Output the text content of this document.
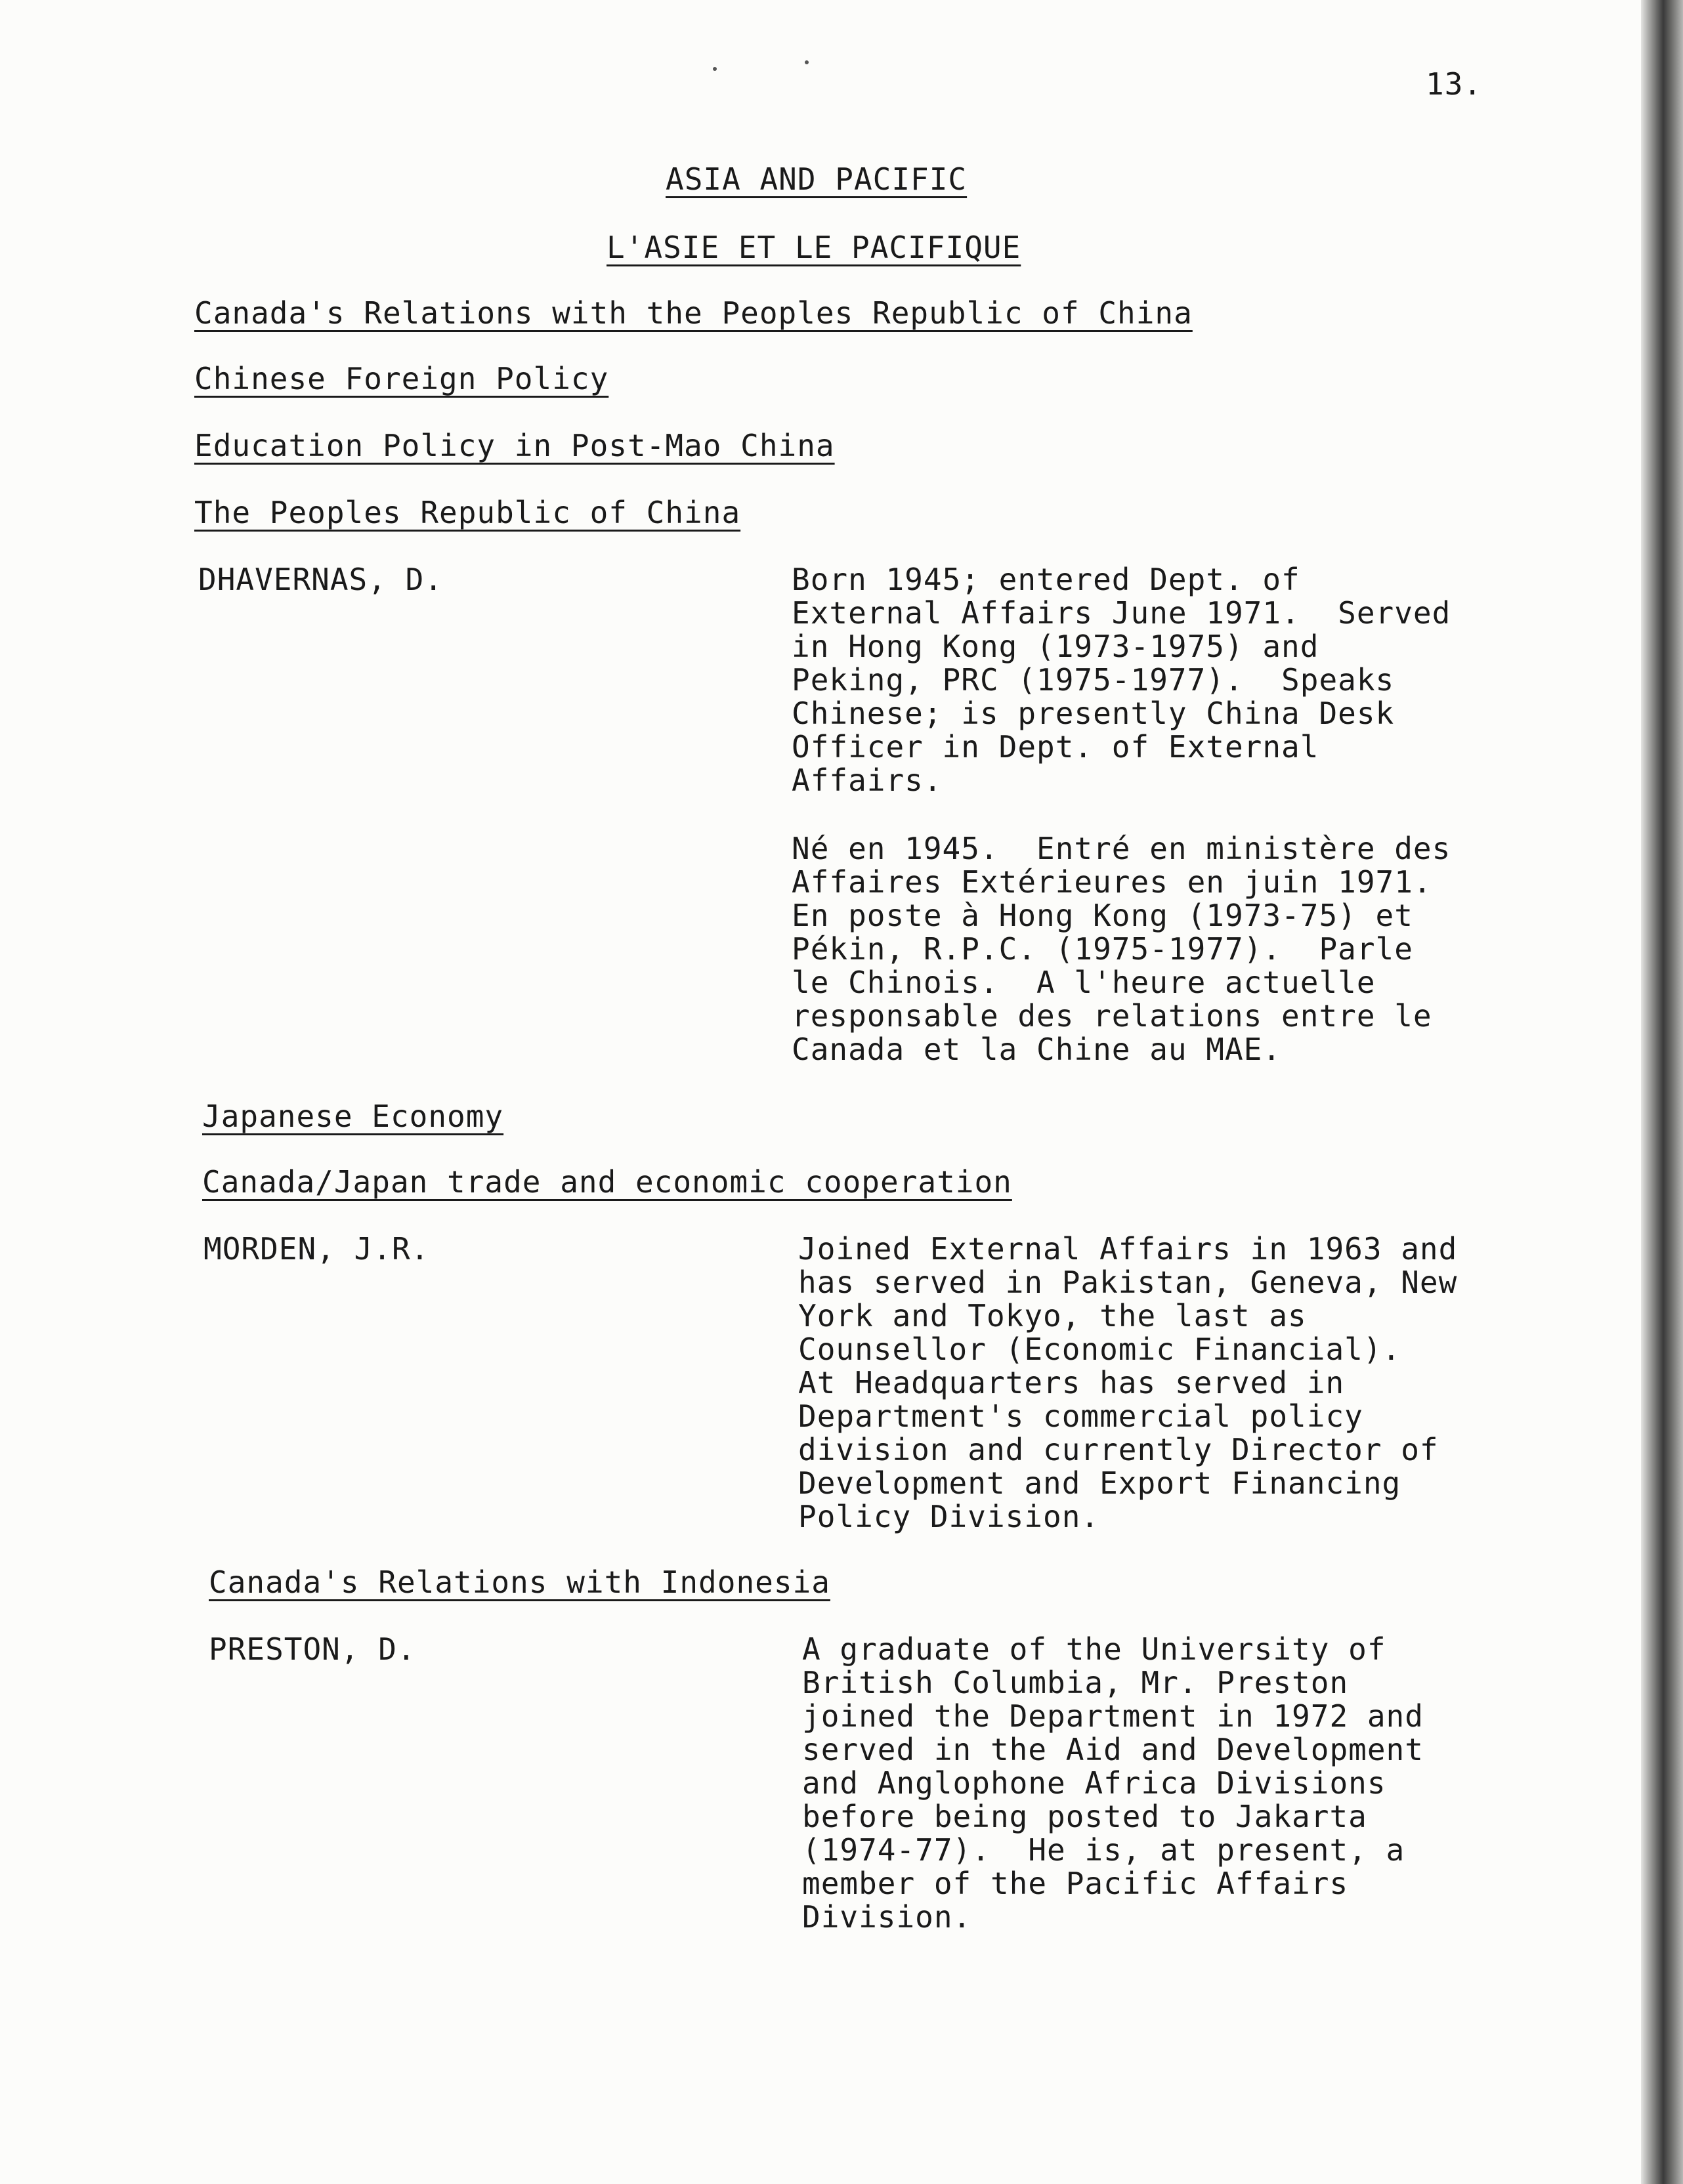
13.

ASIA AND PACIFIC

L'ASIE ET LE PACIFIQUE

Canada's Relations with the Peoples Republic of China

Chinese Foreign Policy

Education Policy in Post-Mao China

The Peoples Republic of China

DHAVERNAS, D.	Born 1945; entered Dept. of
External Affairs June 1971.  Served
in Hong Kong (1973-1975) and
Peking, PRC (1975-1977).  Speaks
Chinese; is presently China Desk
Officer in Dept. of External
Affairs.

Né en 1945.  Entré en ministère des
Affaires Extérieures en juin 1971.
En poste à Hong Kong (1973-75) et
Pékin, R.P.C. (1975-1977).  Parle
le Chinois.  A l'heure actuelle
responsable des relations entre le
Canada et la Chine au MAE.

Japanese Economy

Canada/Japan trade and economic cooperation

MORDEN, J.R.	Joined External Affairs in 1963 and
has served in Pakistan, Geneva, New
York and Tokyo, the last as
Counsellor (Economic Financial).
At Headquarters has served in
Department's commercial policy
division and currently Director of
Development and Export Financing
Policy Division.

Canada's Relations with Indonesia

PRESTON, D.	A graduate of the University of
British Columbia, Mr. Preston
joined the Department in 1972 and
served in the Aid and Development
and Anglophone Africa Divisions
before being posted to Jakarta
(1974-77).  He is, at present, a
member of the Pacific Affairs
Division.
